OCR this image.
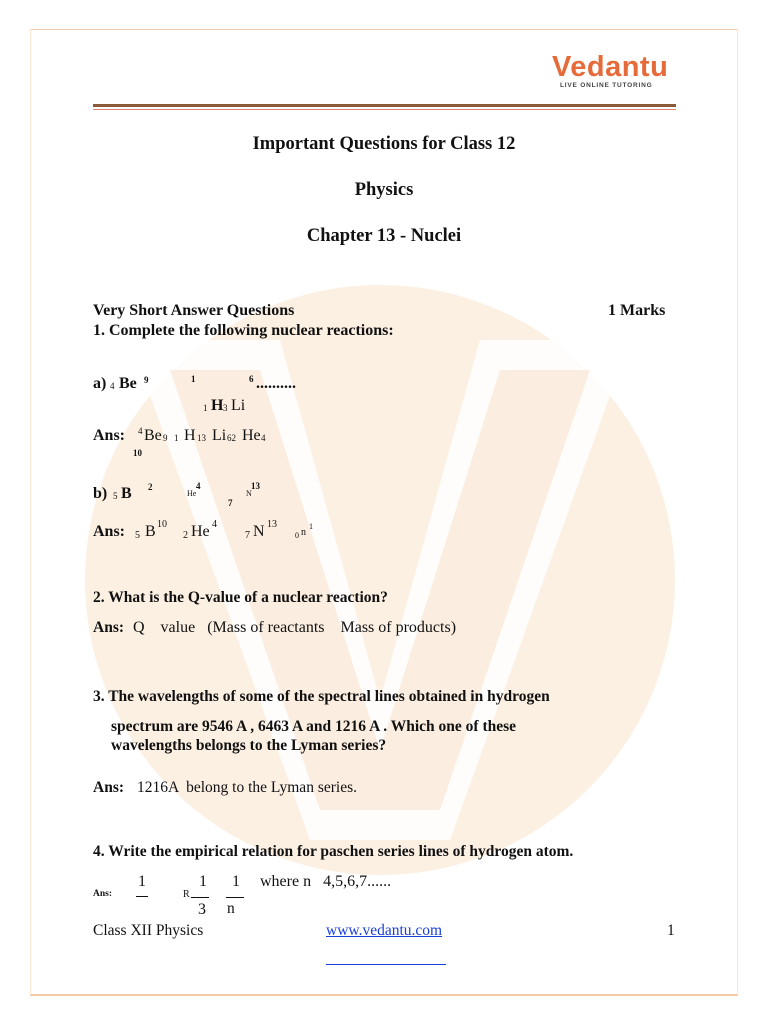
Vedantu
LIVE ONLINE TUTORING
Important Questions for Class 12
Physics
Chapter 13 - Nuclei
Very Short Answer Questions	1 Marks
1. Complete the following nuclear reactions:
a) 4 Be 9	1	6 ..........
1 H 3 Li
Ans: 4 Be 9 1 H 13 Li 62 He 4
10
b) 5 B 2
He
4
7
N
13
Ans: 5 B 10
2 He 4
7 N 13
0 n
1
2. What is the Q-value of a nuclear reaction?
Ans: Q    value   (Mass of reactants    Mass of products)
3. The wavelengths of some of the spectral lines obtained in hydrogen
spectrum are 9546 A , 6463 A and 1216 A . Which one of these
wavelengths belongs to the Lyman series?
Ans: 1216A  belong to the Lyman series.
4. Write the empirical relation for paschen series lines of hydrogen atom.
Ans:
1
R
1
3
1
n
where n   4,5,6,7......
Class XII Physics	www.vedantu.com	1
